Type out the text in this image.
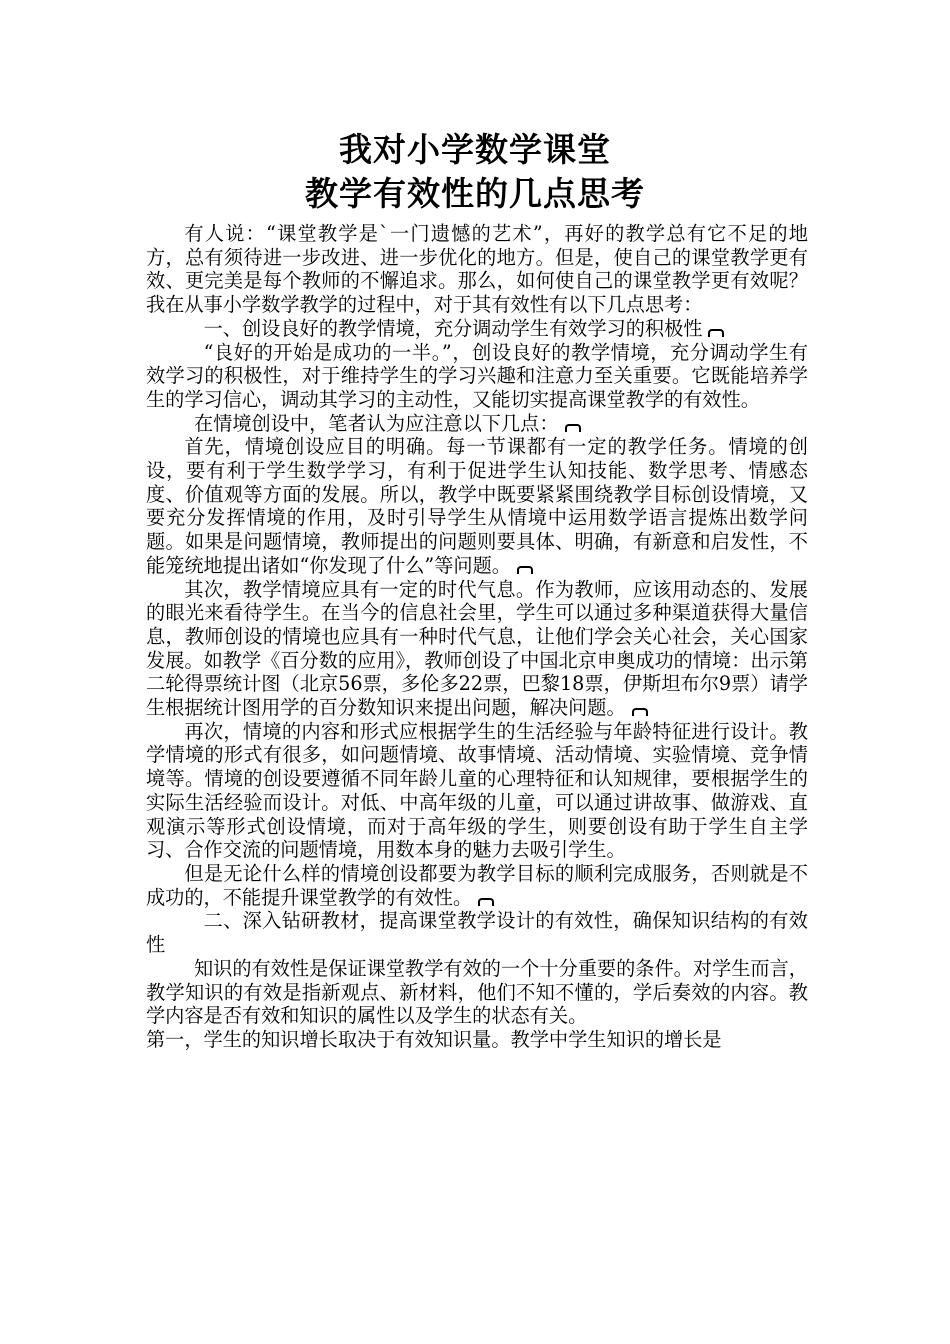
我对小学数学课堂

教学有效性的几点思考

有人说：“课堂教学是`一门遗憾的艺术”，再好的教学总有它不足的地方，总有须待进一步改进、进一步优化的地方。但是，使自己的课堂教学更有效、更完美是每个教师的不懈追求。那么，如何使自己的课堂教学更有效呢？我在从事小学数学教学的过程中，对于其有效性有以下几点思考：

一、创设良好的教学情境，充分调动学生有效学习的积极性

“良好的开始是成功的一半。”，创设良好的教学情境，充分调动学生有效学习的积极性，对于维持学生的学习兴趣和注意力至关重要。它既能培养学生的学习信心，调动其学习的主动性，又能切实提高课堂教学的有效性。

在情境创设中，笔者认为应注意以下几点：

首先，情境创设应目的明确。每一节课都有一定的教学任务。情境的创设，要有利于学生数学学习，有利于促进学生认知技能、数学思考、情感态度、价值观等方面的发展。所以，教学中既要紧紧围绕教学目标创设情境，又要充分发挥情境的作用，及时引导学生从情境中运用数学语言提炼出数学问题。如果是问题情境，教师提出的问题则要具体、明确，有新意和启发性，不能笼统地提出诸如“你发现了什么”等问题。

其次，教学情境应具有一定的时代气息。作为教师，应该用动态的、发展的眼光来看待学生。在当今的信息社会里，学生可以通过多种渠道获得大量信息，教师创设的情境也应具有一种时代气息，让他们学会关心社会，关心国家发展。如教学《百分数的应用》，教师创设了中国北京申奥成功的情境：出示第二轮得票统计图（北京56票，多伦多22票，巴黎18票，伊斯坦布尔9票）请学生根据统计图用学的百分数知识来提出问题，解决问题。

再次，情境的内容和形式应根据学生的生活经验与年龄特征进行设计。教学情境的形式有很多，如问题情境、故事情境、活动情境、实验情境、竞争情境等。情境的创设要遵循不同年龄儿童的心理特征和认知规律，要根据学生的实际生活经验而设计。对低、中高年级的儿童，可以通过讲故事、做游戏、直观演示等形式创设情境，而对于高年级的学生，则要创设有助于学生自主学习、合作交流的问题情境，用数本身的魅力去吸引学生。

但是无论什么样的情境创设都要为教学目标的顺利完成服务，否则就是不成功的，不能提升课堂教学的有效性。

二、深入钻研教材，提高课堂教学设计的有效性，确保知识结构的有效性

知识的有效性是保证课堂教学有效的一个十分重要的条件。对学生而言，教学知识的有效是指新观点、新材料，他们不知不懂的，学后奏效的内容。教学内容是否有效和知识的属性以及学生的状态有关。

第一，学生的知识增长取决于有效知识量。教学中学生知识的增长是
